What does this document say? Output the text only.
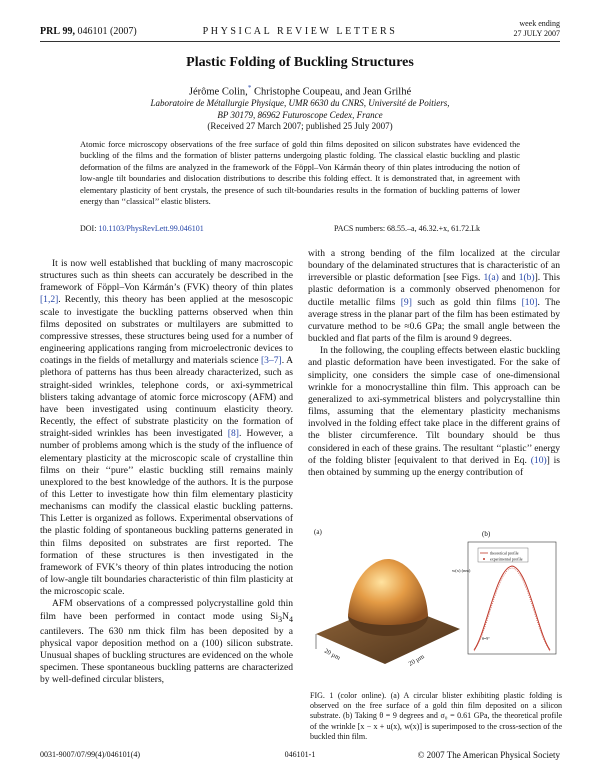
PRL 99, 046101 (2007)	PHYSICAL REVIEW LETTERS
week ending
27 JULY 2007
Plastic Folding of Buckling Structures
Jérôme Colin,* Christophe Coupeau, and Jean Grilhé
Laboratoire de Métallurgie Physique, UMR 6630 du CNRS, Université de Poitiers,
BP 30179, 86962 Futuroscope Cedex, France
(Received 27 March 2007; published 25 July 2007)
Atomic force microscopy observations of the free surface of gold thin films deposited on silicon substrates have evidenced the buckling of the films and the formation of blister patterns undergoing plastic folding. The classical elastic buckling and plastic deformation of the films are analyzed in the framework of the Föppl–Von Kármán theory of thin plates introducing the notion of low-angle tilt boundaries and dislocation distributions to describe this folding effect. It is demonstrated that, in agreement with elementary plasticity of bent crystals, the presence of such tilt-boundaries results in the formation of buckling patterns of lower energy than ‘‘classical’’ elastic blisters.
DOI: 10.1103/PhysRevLett.99.046101	PACS numbers: 68.55.–a, 46.32.+x, 61.72.Lk

It is now well established that buckling of many macroscopic structures such as thin sheets can accurately be described in the framework of Föppl–Von Kármán’s (FVK) theory of thin plates [1,2]. Recently, this theory has been applied at the mesoscopic scale to investigate the buckling patterns observed when thin films deposited on substrates or multilayers are submitted to compressive stresses, these structures being used for a number of engineering applications ranging from microelectronic devices to coatings in the fields of metallurgy and materials science [3–7]. A plethora of patterns has thus been already characterized, such as straight-sided wrinkles, telephone cords, or axi-symmetrical blisters taking advantage of atomic force microscopy (AFM) and have been investigated using continuum elasticity theory. Recently, the effect of substrate plasticity on the formation of straight-sided wrinkles has been investigated [8]. However, a number of problems among which is the study of the influence of elementary plasticity at the microscopic scale of crystalline thin films on their ‘‘pure’’ elastic buckling still remains mainly unexplored to the best knowledge of the authors. It is the purpose of this Letter to investigate how thin film elementary plasticity mechanisms can modify the classical elastic buckling patterns. This Letter is organized as follows. Experimental observations of the plastic folding of spontaneous buckling patterns generated in thin films deposited on substrates are first reported. The formation of these structures is then investigated in the framework of FVK’s theory of thin plates introducing the notion of low-angle tilt boundaries characteristic of thin film plasticity at the microscopic scale.

AFM observations of a compressed polycrystalline gold thin film have been performed in contact mode using $Si_3N_4$ cantilevers. The 630 nm thick film has been deposited by a physical vapor deposition method on a (100) silicon substrate. Unusual shapes of buckling structures are evidenced on the whole specimen. These spontaneous buckling patterns are characterized by well-defined circular blisters,

with a strong bending of the film localized at the circular boundary of the delaminated structures that is characteristic of an irreversible or plastic deformation [see Figs. 1(a) and 1(b)]. This plastic deformation is a commonly observed phenomenon for ductile metallic films [9] such as gold thin films [10]. The average stress in the planar part of the film has been estimated by curvature method to be ≈0.6 GPa; the small angle between the buckled and flat parts of the film is around 9 degrees.

In the following, the coupling effects between elastic buckling and plastic deformation have been investigated. For the sake of simplicity, one considers the simple case of one-dimensional wrinkle for a monocrystalline thin film. This approach can be generalized to axi-symmetrical blisters and polycrystalline thin films, assuming that the elementary plasticity mechanisms involved in the folding effect take place in the different grains of the blister circumference. Tilt boundary should be thus considered in each of these grains. The resultant ‘‘plastic’’ energy of the folding blister [equivalent to that derived in Eq. (10)] is then obtained by summing up the energy contribution of

(a)
20 µm	20 µm
(b)
w(x) (nm)
theoretical profile
experimental profile
θ=9°
FIG. 1 (color online). (a) A circular blister exhibiting plastic folding is observed on the free surface of a gold thin film deposited on a silicon substrate. (b) Taking θ = 9 degrees and σ₀ = 0.61 GPa, the theoretical profile of the wrinkle [x − x + u(x), w(x)] is superimposed to the cross-section of the buckled thin film.
0031-9007/07/99(4)/046101(4)	046101-1	© 2007 The American Physical Society
